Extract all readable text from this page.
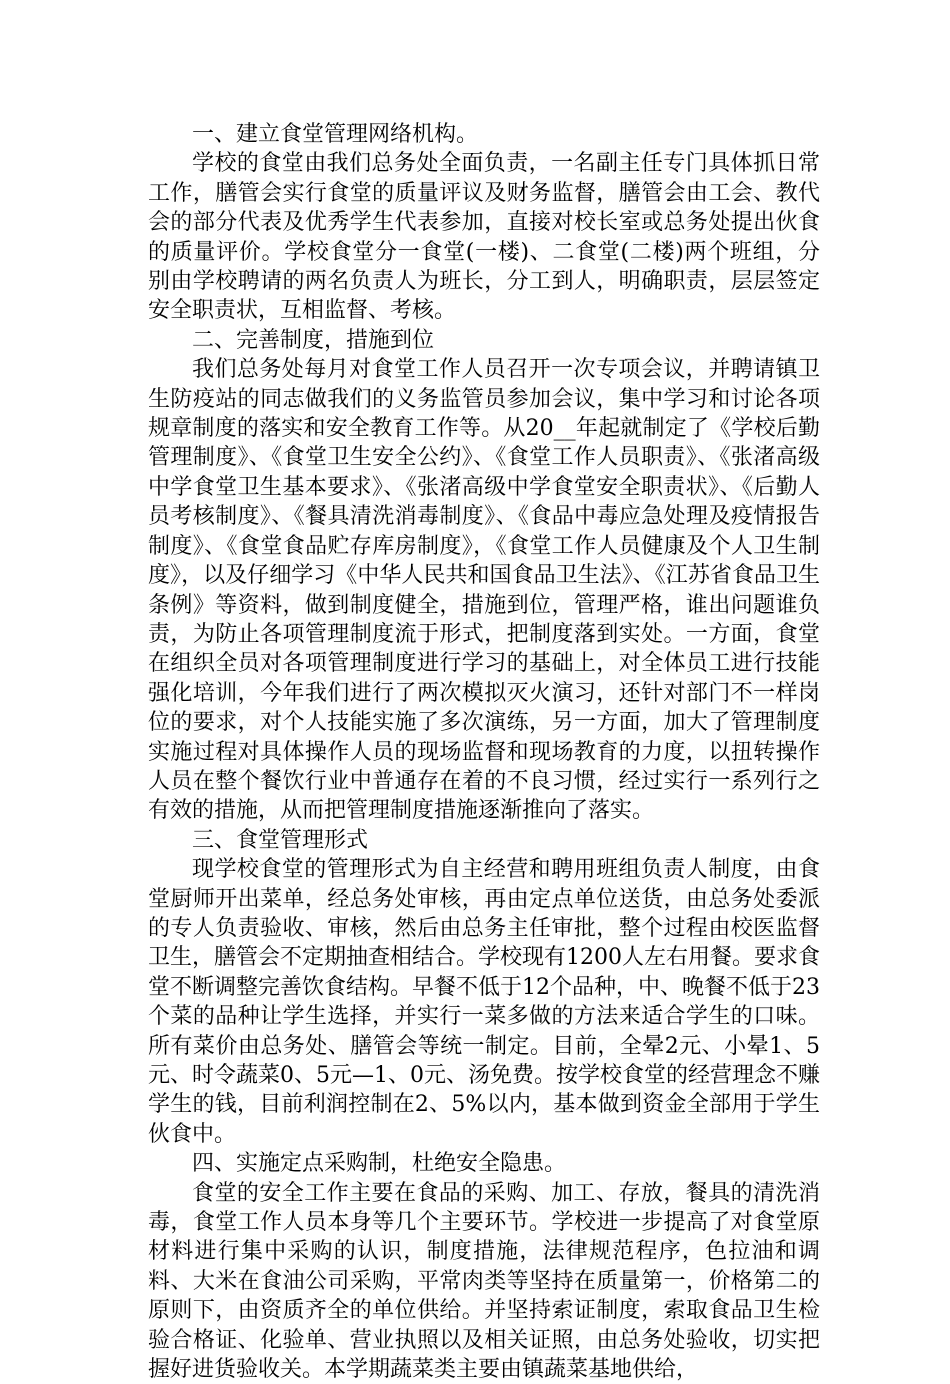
一、建立食堂管理网络机构。
学校的食堂由我们总务处全面负责，一名副主任专门具体抓日常工作，膳管会实行食堂的质量评议及财务监督，膳管会由工会、教代会的部分代表及优秀学生代表参加，直接对校长室或总务处提出伙食的质量评价。学校食堂分一食堂(一楼)、二食堂(二楼)两个班组，分别由学校聘请的两名负责人为班长，分工到人，明确职责，层层签定安全职责状，互相监督、考核。
二、完善制度，措施到位
我们总务处每月对食堂工作人员召开一次专项会议，并聘请镇卫生防疫站的同志做我们的义务监管员参加会议，集中学习和讨论各项规章制度的落实和安全教育工作等。从20__年起就制定了《学校后勤管理制度》、《食堂卫生安全公约》、《食堂工作人员职责》、《张渚高级中学食堂卫生基本要求》、《张渚高级中学食堂安全职责状》、《后勤人员考核制度》、《餐具清洗消毒制度》、《食品中毒应急处理及疫情报告制度》、《食堂食品贮存库房制度》，《食堂工作人员健康及个人卫生制度》，以及仔细学习《中华人民共和国食品卫生法》、《江苏省食品卫生条例》等资料，做到制度健全，措施到位，管理严格，谁出问题谁负责，为防止各项管理制度流于形式，把制度落到实处。一方面，食堂在组织全员对各项管理制度进行学习的基础上，对全体员工进行技能强化培训，今年我们进行了两次模拟灭火演习，还针对部门不一样岗位的要求，对个人技能实施了多次演练，另一方面，加大了管理制度实施过程对具体操作人员的现场监督和现场教育的力度，以扭转操作人员在整个餐饮行业中普通存在着的不良习惯，经过实行一系列行之有效的措施，从而把管理制度措施逐渐推向了落实。
三、食堂管理形式
现学校食堂的管理形式为自主经营和聘用班组负责人制度，由食堂厨师开出菜单，经总务处审核，再由定点单位送货，由总务处委派的专人负责验收、审核，然后由总务主任审批，整个过程由校医监督卫生，膳管会不定期抽查相结合。学校现有1200人左右用餐。要求食堂不断调整完善饮食结构。早餐不低于12个品种，中、晚餐不低于23个菜的品种让学生选择，并实行一菜多做的方法来适合学生的口味。所有菜价由总务处、膳管会等统一制定。目前，全晕2元、小晕1、5元、时令蔬菜0、5元—1、0元、汤免费。按学校食堂的经营理念不赚学生的钱，目前利润控制在2、5%以内，基本做到资金全部用于学生伙食中。
四、实施定点采购制，杜绝安全隐患。
食堂的安全工作主要在食品的采购、加工、存放，餐具的清洗消毒，食堂工作人员本身等几个主要环节。学校进一步提高了对食堂原材料进行集中采购的认识，制度措施，法律规范程序，色拉油和调料、大米在食油公司采购，平常肉类等坚持在质量第一，价格第二的原则下，由资质齐全的单位供给。并坚持索证制度，索取食品卫生检验合格证、化验单、营业执照以及相关证照，由总务处验收，切实把握好进货验收关。本学期蔬菜类主要由镇蔬菜基地供给，
